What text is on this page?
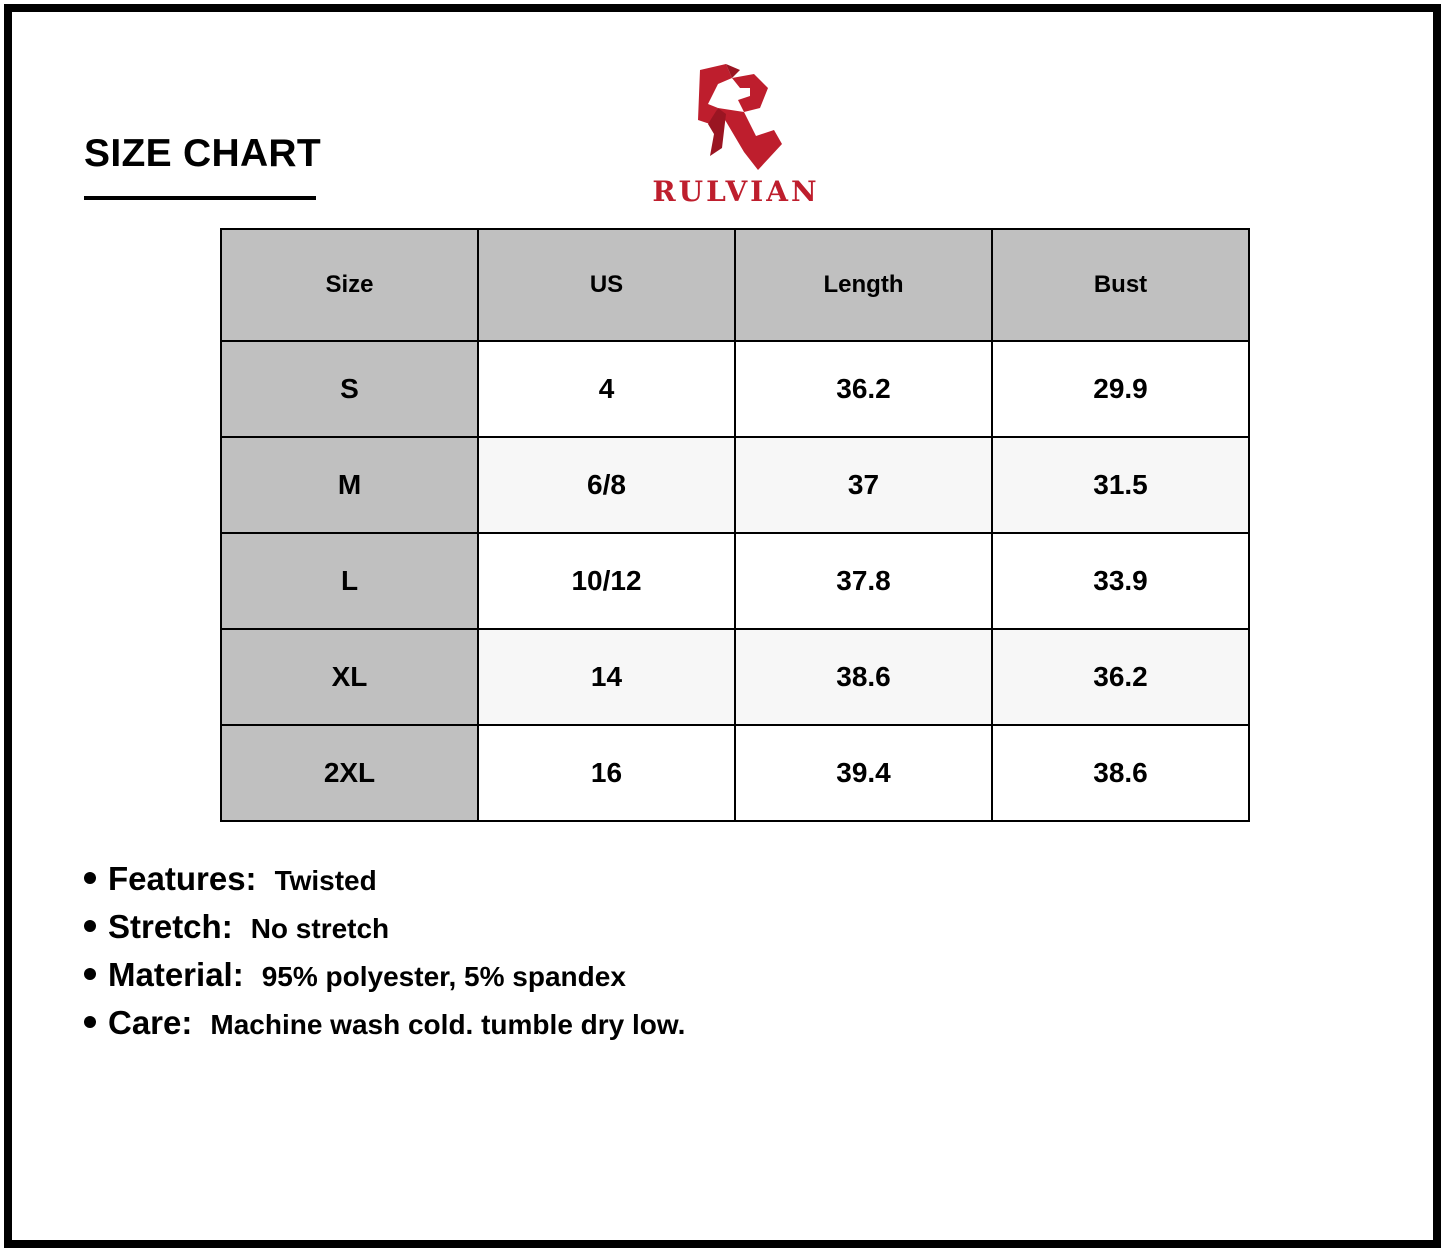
SIZE CHART
RULVIAN
Size	US	Length	Bust
S	4	36.2	29.9
M	6/8	37	31.5
L	10/12	37.8	33.9
XL	14	38.6	36.2
2XL	16	39.4	38.6
Features: Twisted
Stretch: No stretch
Material: 95% polyester, 5% spandex
Care: Machine wash cold. tumble dry low.
